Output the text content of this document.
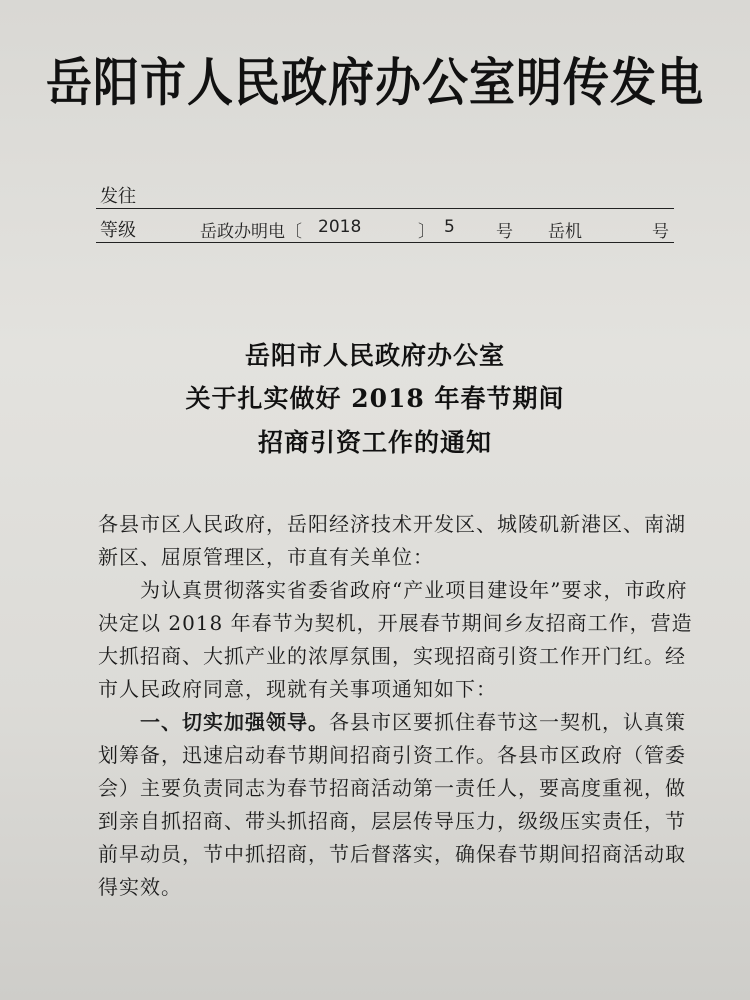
岳阳市人民政府办公室明传发电
发往
等级	岳政办明电〔 2018	〕 5 号 岳机	号
岳阳市人民政府办公室
关于扎实做好 2018 年春节期间
招商引资工作的通知
各县市区人民政府，岳阳经济技术开发区、城陵矶新港区、南湖新区、屈原管理区，市直有关单位：
为认真贯彻落实省委省政府“产业项目建设年”要求，市政府决定以 2018 年春节为契机，开展春节期间乡友招商工作，营造大抓招商、大抓产业的浓厚氛围，实现招商引资工作开门红。经市人民政府同意，现就有关事项通知如下：
一、切实加强领导。各县市区要抓住春节这一契机，认真策划筹备，迅速启动春节期间招商引资工作。各县市区政府（管委会）主要负责同志为春节招商活动第一责任人，要高度重视，做到亲自抓招商、带头抓招商，层层传导压力，级级压实责任，节前早动员，节中抓招商，节后督落实，确保春节期间招商活动取得实效。
